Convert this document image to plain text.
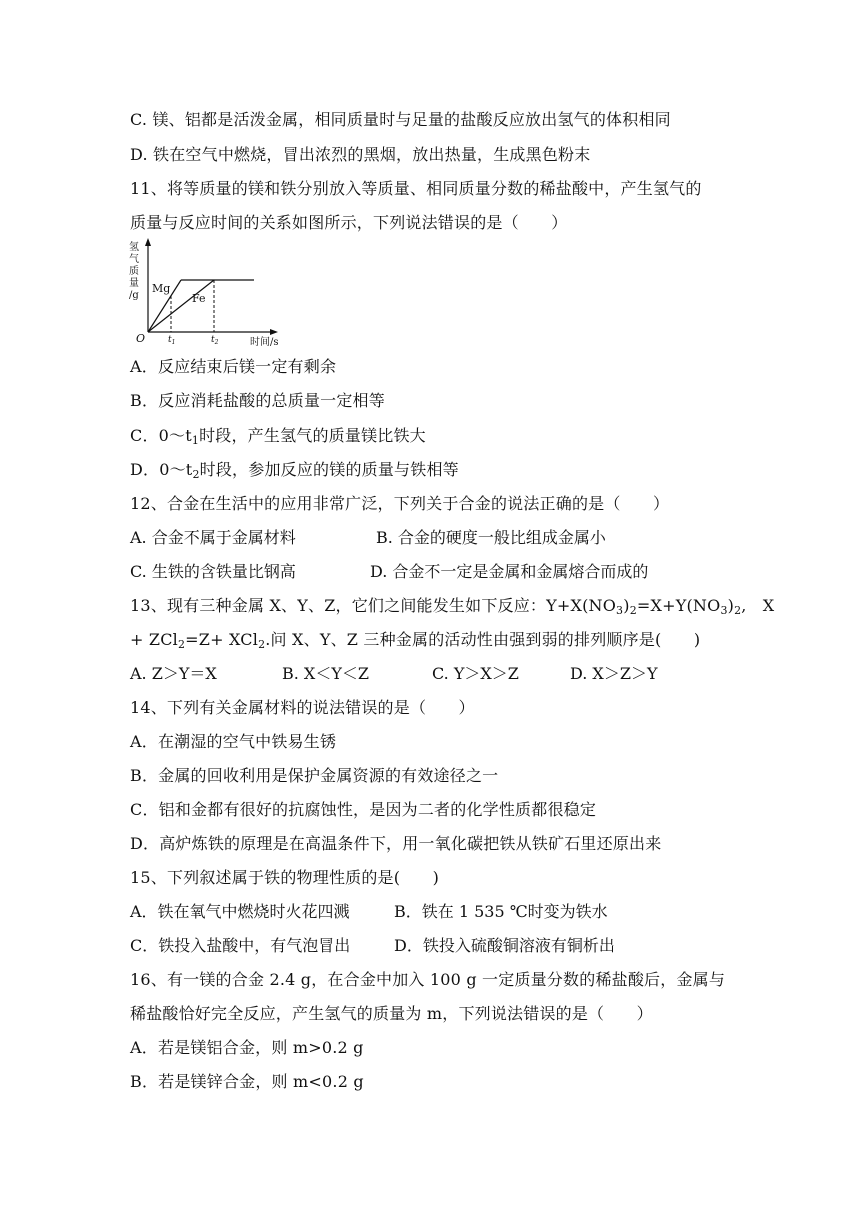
C. 镁、铝都是活泼金属，相同质量时与足量的盐酸反应放出氢气的体积相同
D. 铁在空气中燃烧，冒出浓烈的黑烟，放出热量，生成黑色粉末
11、将等质量的镁和铁分别放入等质量、相同质量分数的稀盐酸中，产生氢气的
质量与反应时间的关系如图所示，下列说法错误的是（　　）
氢
气
质
量
/g
Mg
Fe
O	$t_1$	$t_2$	时间/s
A．反应结束后镁一定有剩余
B．反应消耗盐酸的总质量一定相等
C．$0\sim t_1$时段，产生氢气的质量镁比铁大
D．$0\sim t_2$时段，参加反应的镁的质量与铁相等
12、合金在生活中的应用非常广泛，下列关于合金的说法正确的是（　　）
A. 合金不属于金属材料	B. 合金的硬度一般比组成金属小
C. 生铁的含铁量比钢高	D. 合金不一定是金属和金属熔合而成的
13、现有三种金属 X、Y、Z，它们之间能发生如下反应：$Y+X(NO_3)_2=X+Y(NO_3)_2$,　X
+ ZCl$_2$=Z+ XCl$_2$.问 X、Y、Z 三种金属的活动性由强到弱的排列顺序是(　　)
A. Z＞Y＝X	B. X＜Y＜Z	C. Y＞X＞Z	D. X＞Z＞Y
14、下列有关金属材料的说法错误的是（　　）
A．在潮湿的空气中铁易生锈
B．金属的回收利用是保护金属资源的有效途径之一
C．铝和金都有很好的抗腐蚀性，是因为二者的化学性质都很稳定
D．高炉炼铁的原理是在高温条件下，用一氧化碳把铁从铁矿石里还原出来
15、下列叙述属于铁的物理性质的是(　　)
A．铁在氧气中燃烧时火花四溅	B．铁在 1 535 ℃时变为铁水
C．铁投入盐酸中，有气泡冒出	D．铁投入硫酸铜溶液有铜析出
16、有一镁的合金 2.4 g，在合金中加入 100 g 一定质量分数的稀盐酸后，金属与
稀盐酸恰好完全反应，产生氢气的质量为 m，下列说法错误的是（　　）
A．若是镁铝合金，则 m>0.2 g
B．若是镁锌合金，则 m<0.2 g
